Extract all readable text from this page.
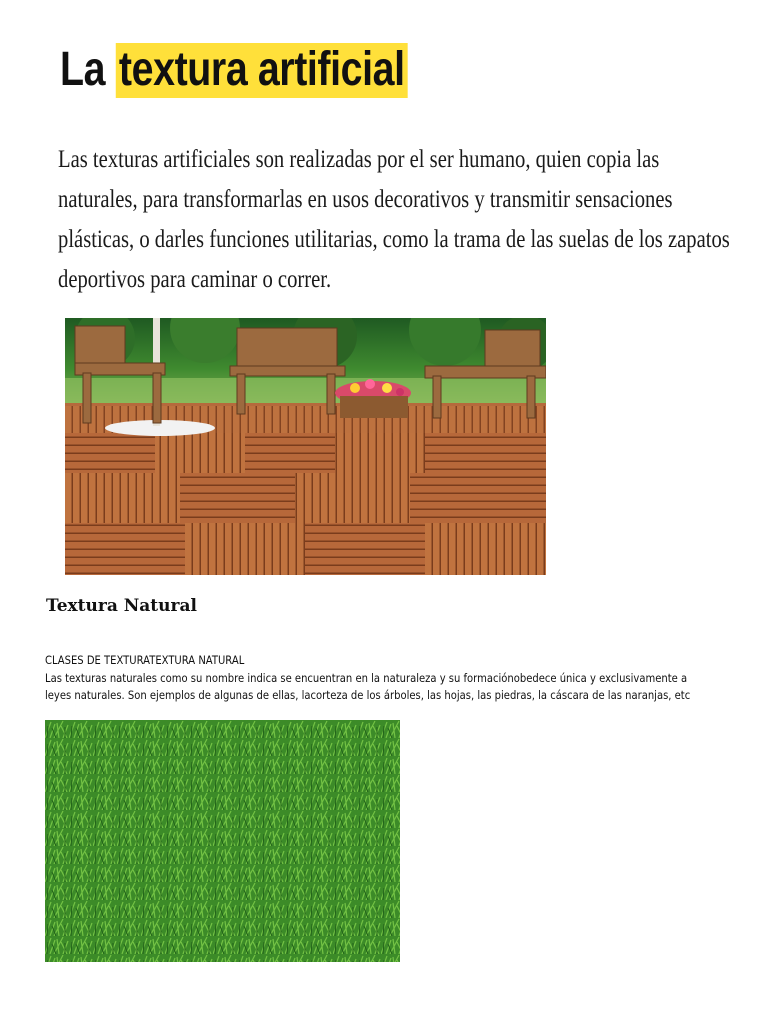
La textura artificial

Las texturas artificiales son realizadas por el ser humano, quien copia las naturales, para transformarlas en usos decorativos y transmitir sensaciones plásticas, o darles funciones utilitarias, como la trama de las suelas de los zapatos deportivos para caminar o correr.

Textura Natural

CLASES DE TEXTURATEXTURA NATURAL

Las texturas naturales como su nombre indica se encuentran en la naturaleza y su formaciónobedece única y exclusivamente a leyes naturales. Son ejemplos de algunas de ellas, lacorteza de los árboles, las hojas, las piedras, la cáscara de las naranjas, etc
